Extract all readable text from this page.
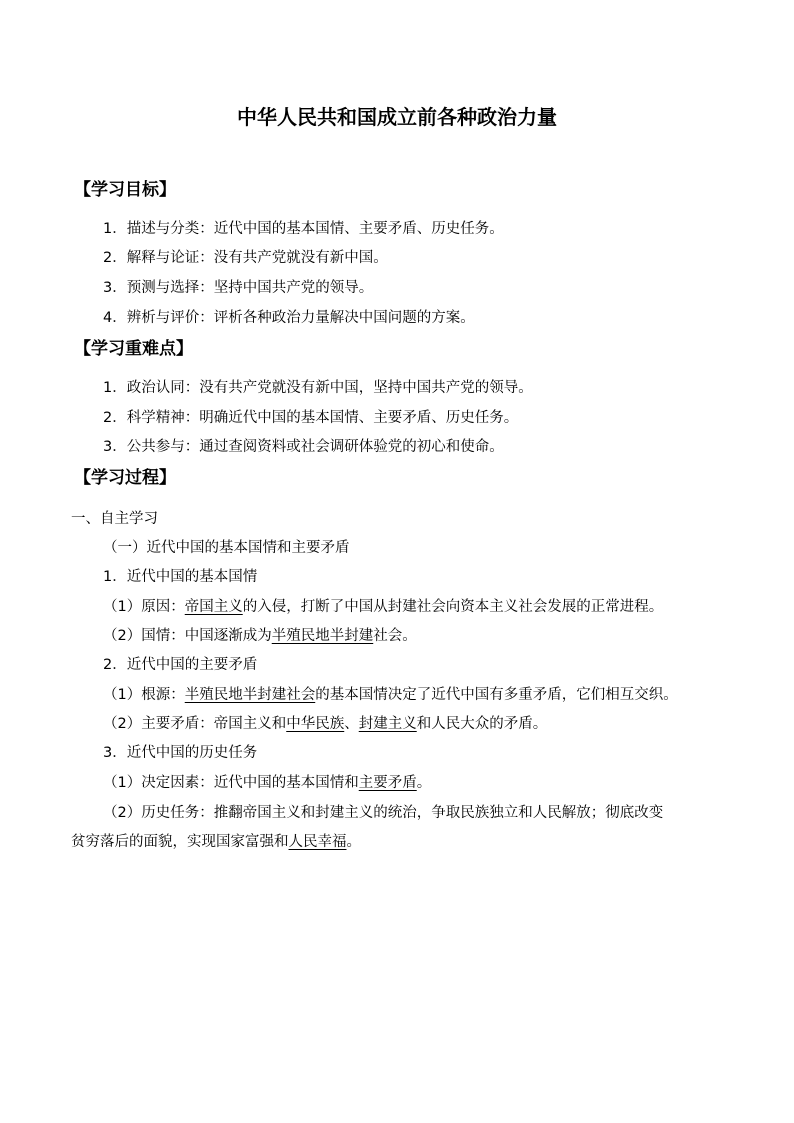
中华人民共和国成立前各种政治力量
【学习目标】
1．描述与分类：近代中国的基本国情、主要矛盾、历史任务。
2．解释与论证：没有共产党就没有新中国。
3．预测与选择：坚持中国共产党的领导。
4．辨析与评价：评析各种政治力量解决中国问题的方案。
【学习重难点】
1．政治认同：没有共产党就没有新中国，坚持中国共产党的领导。
2．科学精神：明确近代中国的基本国情、主要矛盾、历史任务。
3．公共参与：通过查阅资料或社会调研体验党的初心和使命。
【学习过程】
一、自主学习
（一）近代中国的基本国情和主要矛盾
1．近代中国的基本国情
（1）原因：帝国主义的入侵，打断了中国从封建社会向资本主义社会发展的正常进程。
（2）国情：中国逐渐成为半殖民地半封建社会。
2．近代中国的主要矛盾
（1）根源：半殖民地半封建社会的基本国情决定了近代中国有多重矛盾，它们相互交织。
（2）主要矛盾：帝国主义和中华民族、封建主义和人民大众的矛盾。
3．近代中国的历史任务
（1）决定因素：近代中国的基本国情和主要矛盾。
（2）历史任务：推翻帝国主义和封建主义的统治，争取民族独立和人民解放；彻底改变
贫穷落后的面貌，实现国家富强和人民幸福。
